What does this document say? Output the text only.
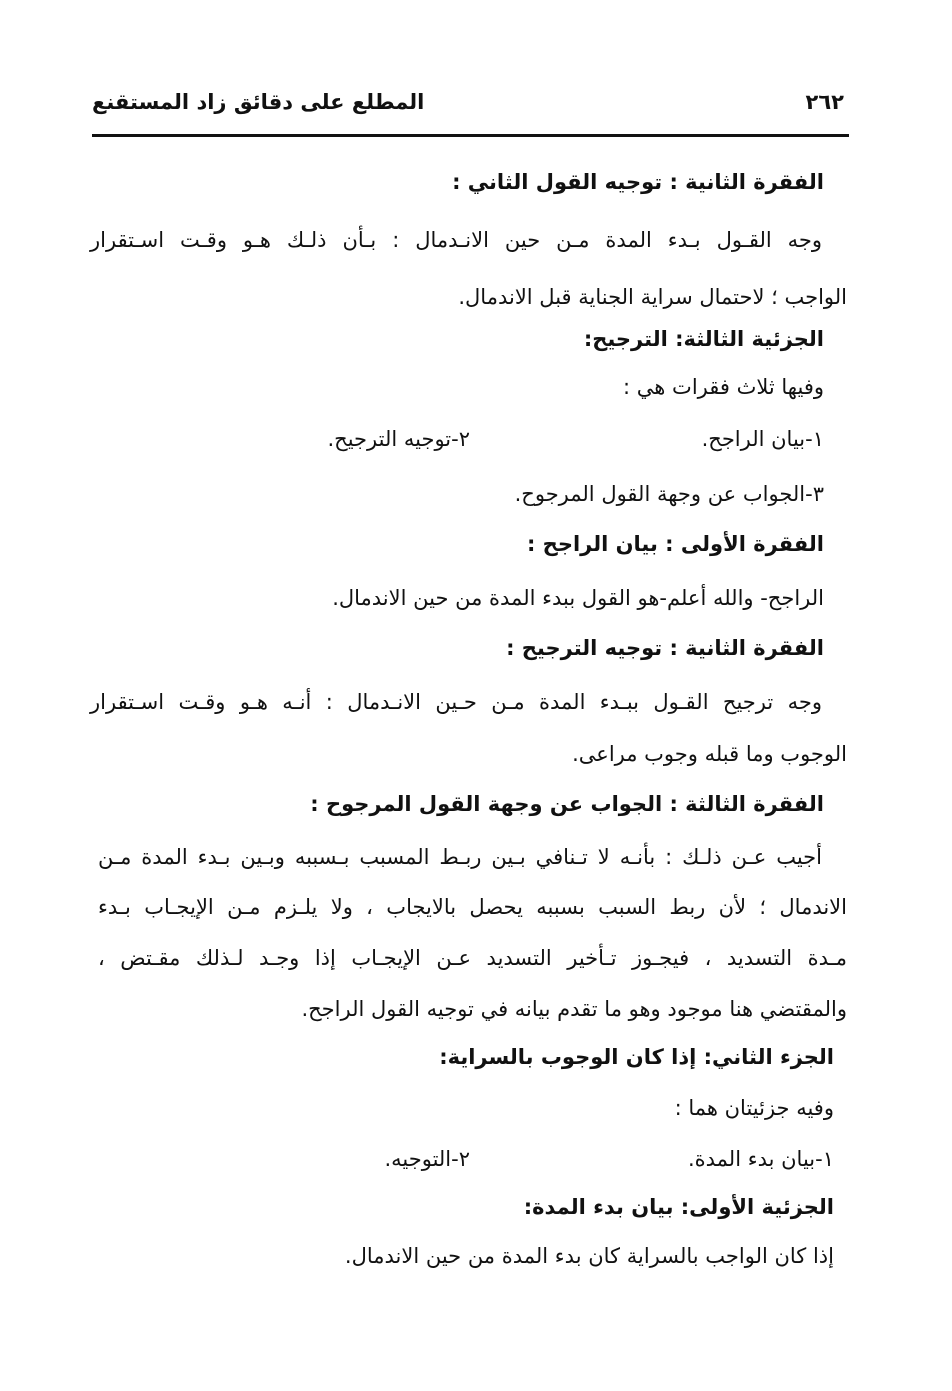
٢٦٢
المطلع على دقائق زاد المستقنع
الفقرة الثانية : توجيه القول الثاني :
وجه القـول بـدء المدة مـن حين الانـدمال : بـأن ذلـك هـو وقـت اسـتقرار
الواجب ؛ لاحتمال سراية الجناية قبل الاندمال.
الجزئية الثالثة: الترجيح:
وفيها ثلاث فقرات هي :
١-بيان الراجح.
٢-توجيه الترجيح.
٣-الجواب عن وجهة القول المرجوح.
الفقرة الأولى : بيان الراجح :
الراجح- والله أعلم-هو القول ببدء المدة من حين الاندمال.
الفقرة الثانية : توجيه الترجيح :
وجه ترجيح القـول ببـدء المدة مـن حـين الانـدمال : أنـه هـو وقـت اسـتقرار
الوجوب وما قبله وجوب مراعى.
الفقرة الثالثة : الجواب عن وجهة القول المرجوح :
أجيب عـن ذلـك : بأنـه لا تـنافي بـين ربـط المسبب بـسببه وبـين بـدء المدة مـن
الاندمال ؛ لأن ربط السبب بسببه يحصل بالايجاب ، ولا يلـزم مـن الإيجـاب بـدء
مـدة التسديد ، فيجـوز تـأخير التسديد عـن الإيجـاب إذا وجـد لـذلك مقـتض ،
والمقتضي هنا موجود وهو ما تقدم بيانه في توجيه القول الراجح.
الجزء الثاني: إذا كان الوجوب بالسراية:
وفيه جزئيتان هما :
١-بيان بدء المدة.
٢-التوجيه.
الجزئية الأولى: بيان بدء المدة:
إذا كان الواجب بالسراية كان بدء المدة من حين الاندمال.
